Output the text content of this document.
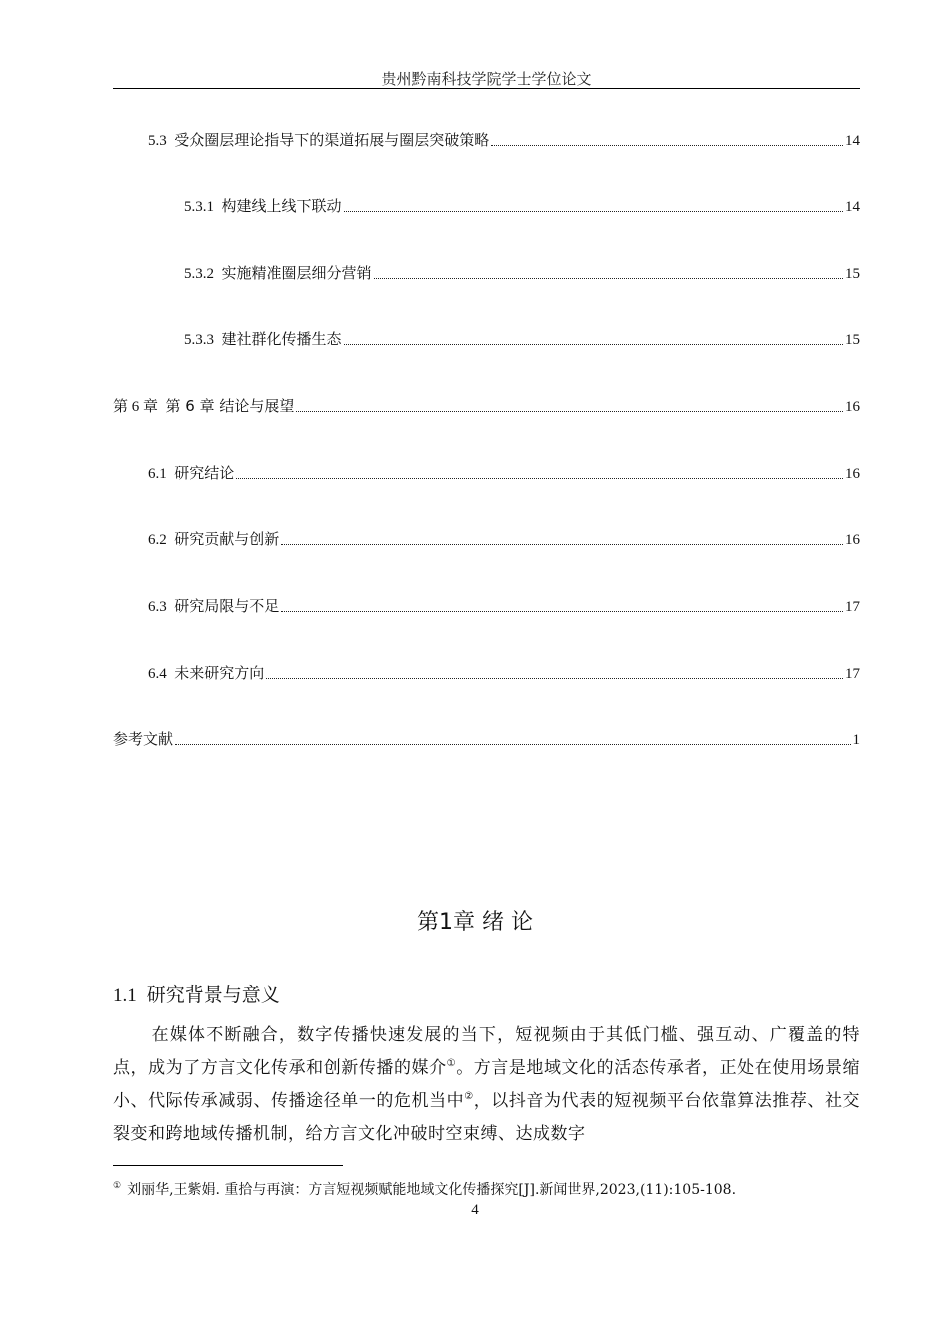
贵州黔南科技学院学士学位论文
5.3 受众圈层理论指导下的渠道拓展与圈层突破策略	14
5.3.1 构建线上线下联动	14
5.3.2 实施精准圈层细分营销	15
5.3.3 建社群化传播生态	15
第 6 章 第 6 章 结论与展望	16
6.1 研究结论	16
6.2 研究贡献与创新	16
6.3 研究局限与不足	17
6.4 未来研究方向	17
参考文献	1
第1章 绪 论
1.1 研究背景与意义
在媒体不断融合，数字传播快速发展的当下，短视频由于其低门槛、强互动、广覆盖的特点，成为了方言文化传承和创新传播的媒介①。方言是地域文化的活态传承者，正处在使用场景缩小、代际传承减弱、传播途径单一的危机当中②，以抖音为代表的短视频平台依靠算法推荐、社交裂变和跨地域传播机制，给方言文化冲破时空束缚、达成数字
① 刘丽华,王紫娟. 重拾与再演：方言短视频赋能地域文化传播探究[J].新闻世界,2023,(11):105-108.
4
